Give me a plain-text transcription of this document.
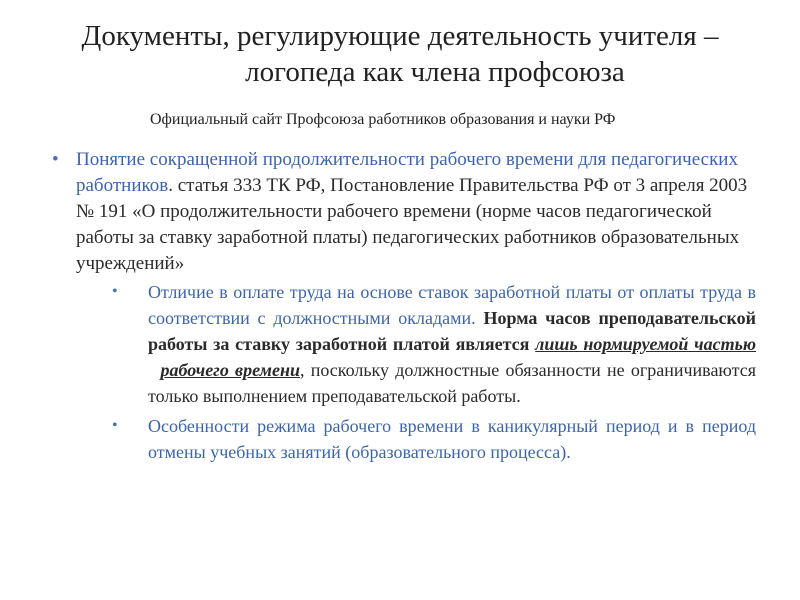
Документы, регулирующие деятельность учителя –
логопеда как члена профсоюза
Официальный сайт Профсоюза работников образования и науки РФ
• Понятие сокращенной продолжительности рабочего времени для педагогических работников. статья 333 ТК РФ, Постановление Правительства РФ от 3 апреля 2003 № 191 «О продолжительности рабочего времени (норме часов педагогической работы за ставку заработной платы) педагогических работников образовательных учреждений»
• Отличие в оплате труда на основе ставок заработной платы от оплаты труда в соответствии с должностными окладами. Норма часов преподавательской работы за ставку заработной платой является лишь нормируемой частью  рабочего времени, поскольку должностные обязанности не ограничиваются только выполнением преподавательской работы.
• Особенности режима рабочего времени в каникулярный период и в период отмены учебных занятий (образовательного процесса).
